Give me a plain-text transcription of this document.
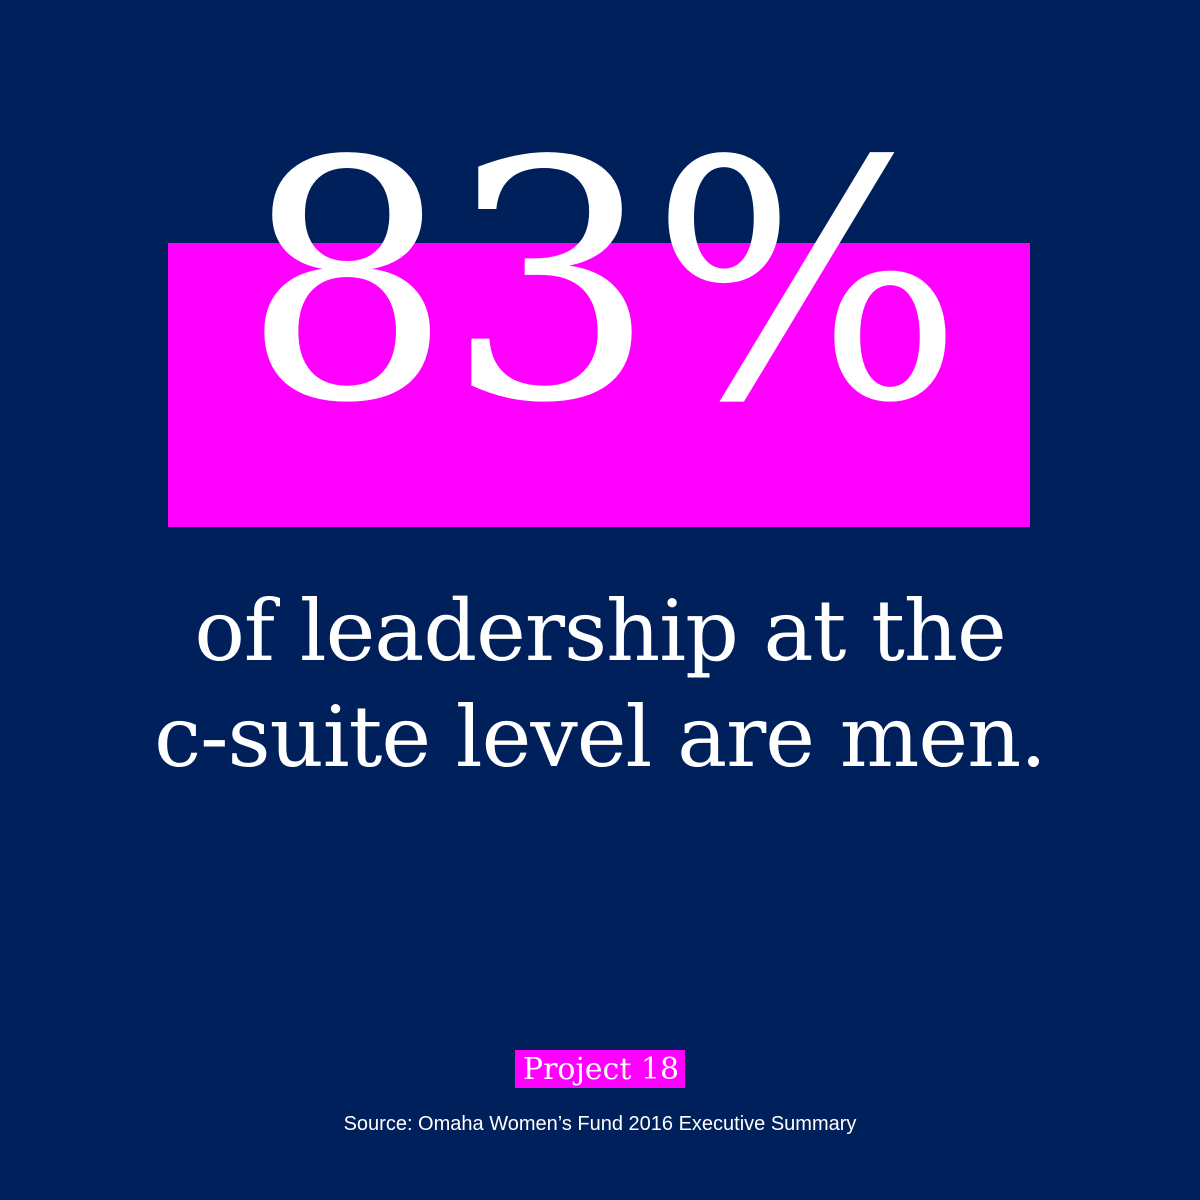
83%
of leadership at the
c-suite level are men.
Project 18
Source: Omaha Women’s Fund 2016 Executive Summary
